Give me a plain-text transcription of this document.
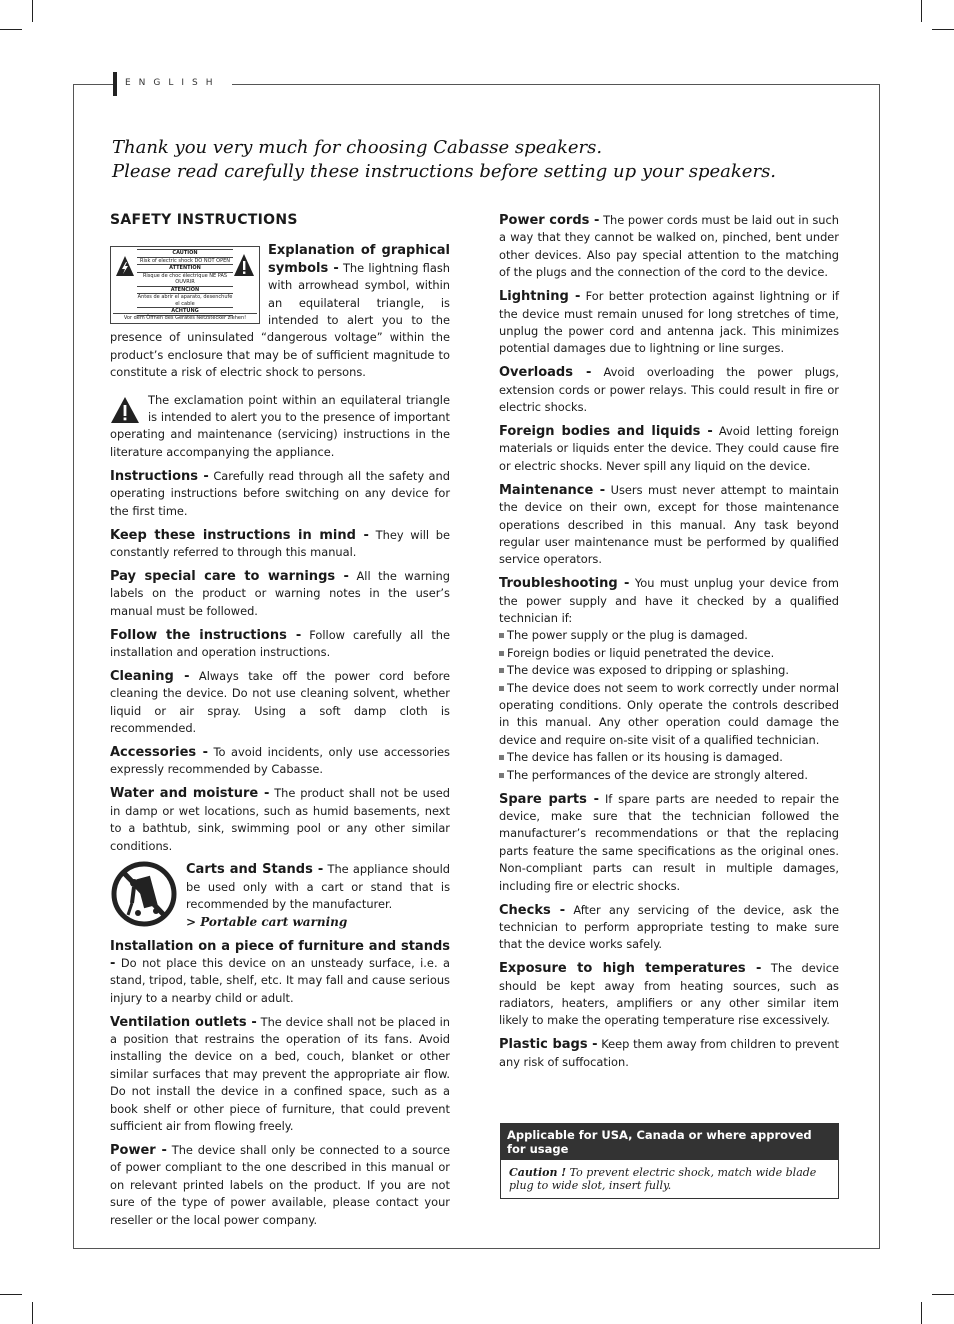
ENGLISH
Thank you very much for choosing Cabasse speakers.
Please read carefully these instructions before setting up your speakers.
SAFETY INSTRUCTIONS

CAUTION
Risk of electric shock DO NOT OPEN
ATTENTION
Risque de choc électrique NE PAS OUVRIR
ATENCIÓN
Antes de abrir el aparato, desenchufe el cable
ACHTUNG
Vor dem Öffnen des Gerätes Netzstecker ziehen!
Explanation of graphical symbols - The lightning flash with arrowhead symbol, within an equilateral triangle, is intended to alert you to the presence of uninsulated “dangerous voltage” within the product’s enclosure that may be of sufficient magnitude to constitute a risk of electric shock to persons.

The exclamation point within an equilateral triangle is intended to alert you to the presence of important operating and maintenance (servicing) instructions in the literature accompanying the appliance.

Instructions - Carefully read through all the safety and operating instructions before switching on any device for the first time.

Keep these instructions in mind - They will be constantly referred to through this manual.

Pay special care to warnings - All the warning labels on the product or warning notes in the user’s manual must be followed.

Follow the instructions - Follow carefully all the installation and operation instructions.

Cleaning - Always take off the power cord before cleaning the device. Do not use cleaning solvent, whether liquid or air spray. Using a soft damp cloth is recommended.

Accessories - To avoid incidents, only use accessories expressly recommended by Cabasse.

Water and moisture - The product shall not be used in damp or wet locations, such as humid basements, next to a bathtub, sink, swimming pool or any other similar conditions.

Carts and Stands - The appliance should be used only with a cart or stand that is recommended by the manufacturer.
> Portable cart warning

Installation on a piece of furniture and stands - Do not place this device on an unsteady surface, i.e. a stand, tripod, table, shelf, etc. It may fall and cause serious injury to a nearby child or adult.

Ventilation outlets - The device shall not be placed in a position that restrains the operation of its fans. Avoid installing the device on a bed, couch, blanket or other similar surfaces that may prevent the appropriate air flow. Do not install the device in a confined space, such as a book shelf or other piece of furniture, that could prevent sufficient air from flowing freely.

Power - The device shall only be connected to a source of power compliant to the one described in this manual or on relevant printed labels on the product. If you are not sure of the type of power available, please contact your reseller or the local power company.

Power cords - The power cords must be laid out in such a way that they cannot be walked on, pinched, bent under other devices. Also pay special attention to the matching of the plugs and the connection of the cord to the device.

Lightning - For better protection against lightning or if the device must remain unused for long stretches of time, unplug the power cord and antenna jack. This minimizes potential damages due to lightning or line surges.

Overloads - Avoid overloading the power plugs, extension cords or power relays. This could result in fire or electric shocks.

Foreign bodies and liquids - Avoid letting foreign materials or liquids enter the device. They could cause fire or electric shocks. Never spill any liquid on the device.

Maintenance - Users must never attempt to maintain the device on their own, except for those maintenance operations described in this manual. Any task beyond regular user maintenance must be performed by qualified service operators.

Troubleshooting - You must unplug your device from the power supply and have it checked by a qualified technician if:
The power supply or the plug is damaged.
Foreign bodies or liquid penetrated the device.
The device was exposed to dripping or splashing.
The device does not seem to work correctly under normal operating conditions. Only operate the controls described in this manual. Any other operation could damage the device and require on-site visit of a qualified technician.
The device has fallen or its housing is damaged.
The performances of the device are strongly altered.

Spare parts - If spare parts are needed to repair the device, make sure that the technician followed the manufacturer’s recommendations or that the replacing parts feature the same specifications as the original ones. Non-compliant parts can result in multiple damages, including fire or electric shocks.

Checks - After any servicing of the device, ask the technician to perform appropriate testing to make sure that the device works safely.

Exposure to high temperatures - The device should be kept away from heating sources, such as radiators, heaters, amplifiers or any other similar item likely to make the operating temperature rise excessively.

Plastic bags - Keep them away from children to prevent any risk of suffocation.

Applicable for USA, Canada or where approved for usage
Caution ! To prevent electric shock, match wide blade plug to wide slot, insert fully.
